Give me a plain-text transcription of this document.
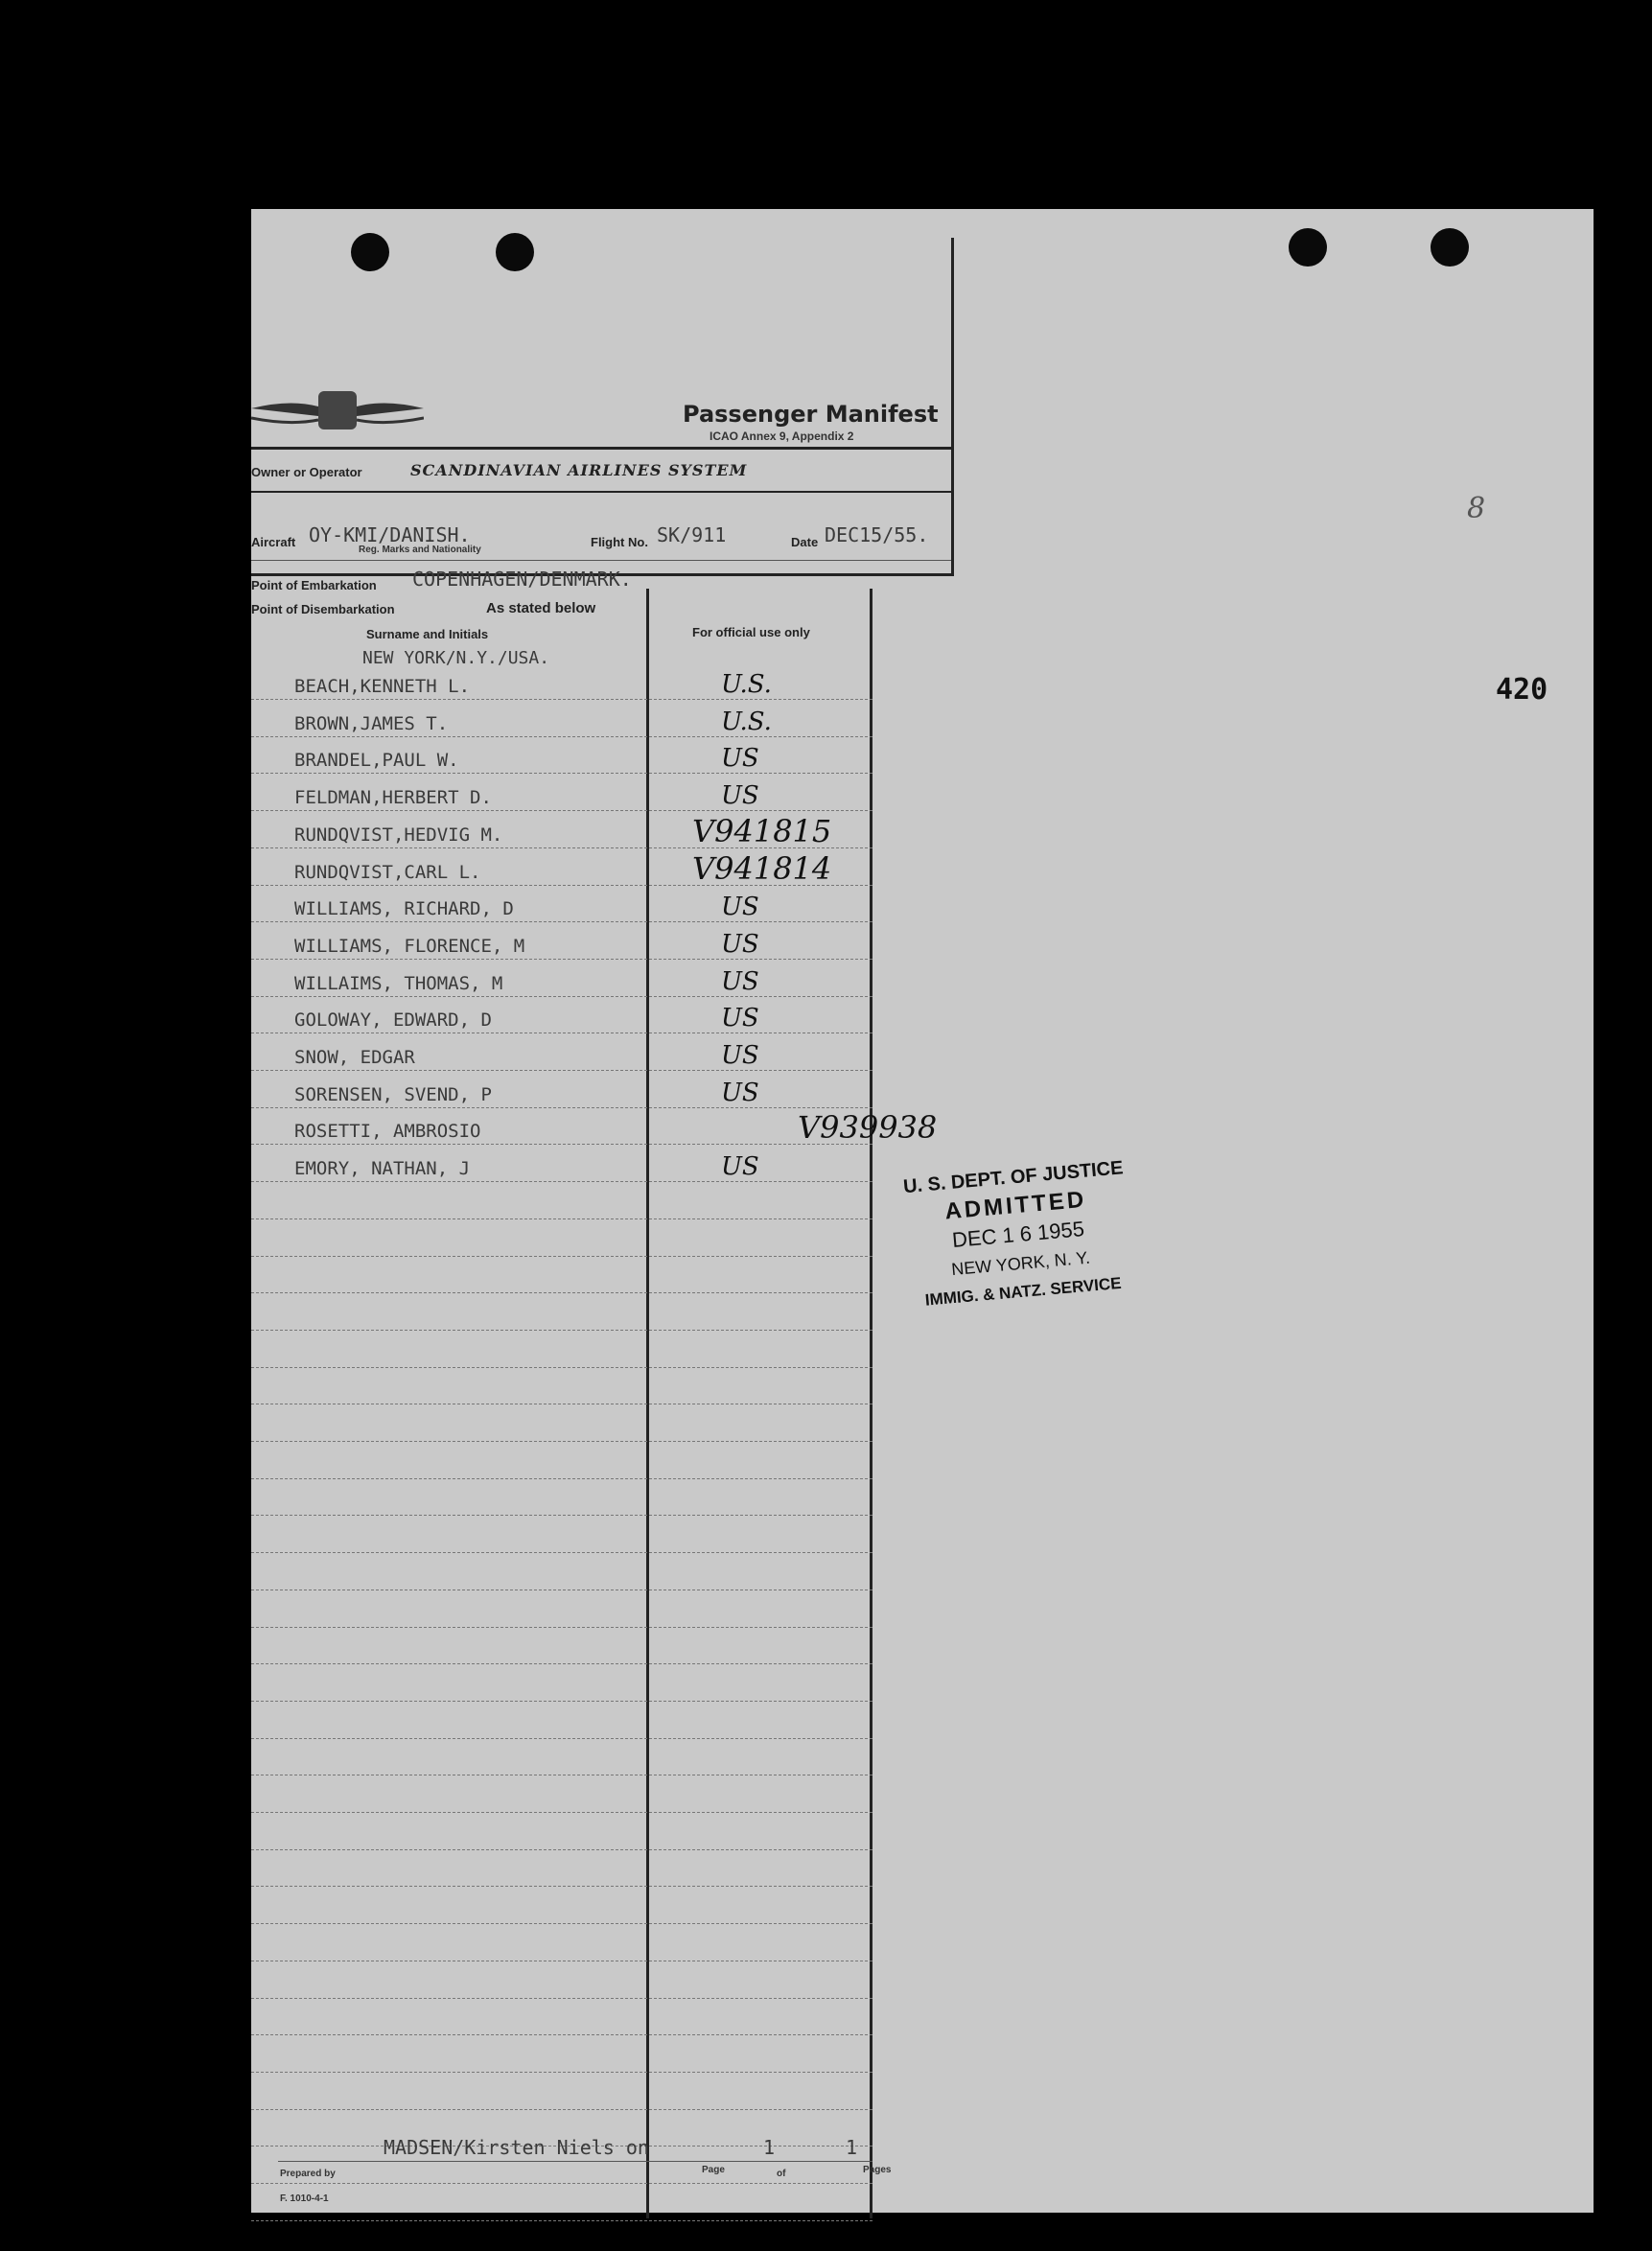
Passenger Manifest
ICAO Annex 9, Appendix 2
Owner or Operator	SCANDINAVIAN AIRLINES SYSTEM
Aircraft OY-KMI/DANISH.
Reg. Marks and Nationality
Flight No. SK/911	Date DEC15/55.
Point of Embarkation COPENHAGEN/DENMARK.
Point of Disembarkation	As stated below
Surname and Initials	For official use only
NEW YORK/N.Y./USA.
BEACH,KENNETH L.	U.S.
BROWN,JAMES T.	U.S.
BRANDEL,PAUL W.	US
FELDMAN,HERBERT D.	US
RUNDQVIST,HEDVIG M.	V941815
RUNDQVIST,CARL L.	V941814
WILLIAMS, RICHARD, D	US
WILLIAMS, FLORENCE, M	US
WILLAIMS, THOMAS, M	US
GOLOWAY, EDWARD, D	US
SNOW, EDGAR	US
SORENSEN, SVEND, P	US
ROSETTI, AMBROSIO	V939938
EMORY, NATHAN, J	US	U. S. DEPT. OF JUSTICE
ADMITTED
DEC 1 6 1955
NEW YORK, N. Y.
IMMIG. & NATZ. SERVICE
420
8
MADSEN/Kirsten Niels on	1	1
Prepared by	Page	of	Pages
F. 1010-4-1
